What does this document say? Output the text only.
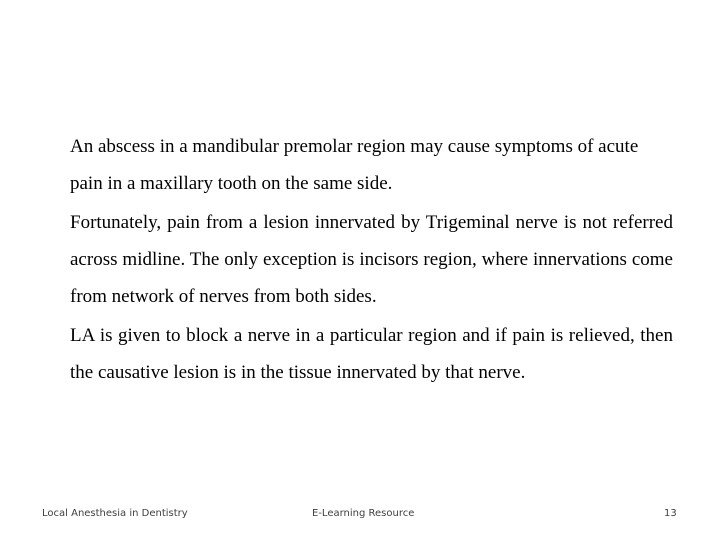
An abscess in a mandibular premolar region may cause symptoms of acute pain in a maxillary tooth on the same side.

Fortunately, pain from a lesion innervated by Trigeminal nerve is not referred across midline. The only exception is incisors region, where innervations come from network of nerves from both sides.

LA is given to block a nerve in a particular region and if pain is relieved, then the causative lesion is in the tissue innervated by that nerve.

Local Anesthesia in Dentistry	E-Learning Resource	13
